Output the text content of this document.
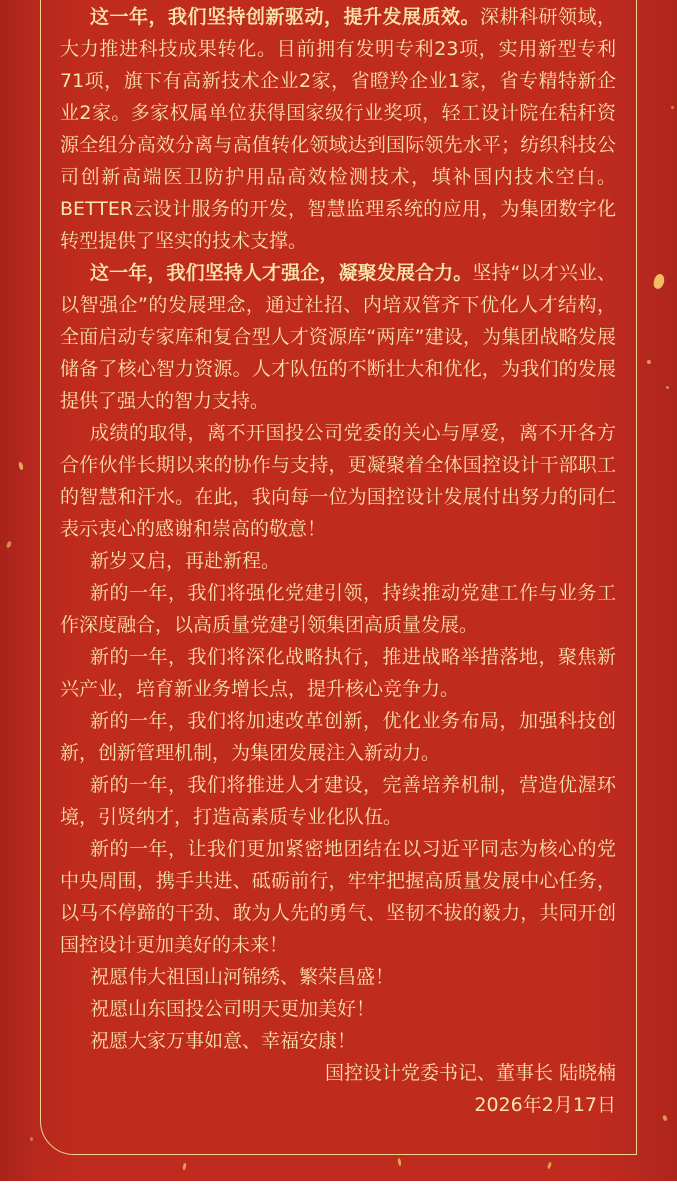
这一年，我们坚持创新驱动，提升发展质效。深耕科研领域，大力推进科技成果转化。目前拥有发明专利23项，实用新型专利71项，旗下有高新技术企业2家，省瞪羚企业1家，省专精特新企业2家。多家权属单位获得国家级行业奖项，轻工设计院在秸秆资源全组分高效分离与高值转化领域达到国际领先水平；纺织科技公司创新高端医卫防护用品高效检测技术，填补国内技术空白。BETTER云设计服务的开发，智慧监理系统的应用，为集团数字化转型提供了坚实的技术支撑。

这一年，我们坚持人才强企，凝聚发展合力。坚持“以才兴业、以智强企”的发展理念，通过社招、内培双管齐下优化人才结构，全面启动专家库和复合型人才资源库“两库”建设，为集团战略发展储备了核心智力资源。人才队伍的不断壮大和优化，为我们的发展提供了强大的智力支持。

成绩的取得，离不开国投公司党委的关心与厚爱，离不开各方合作伙伴长期以来的协作与支持，更凝聚着全体国控设计干部职工的智慧和汗水。在此，我向每一位为国控设计发展付出努力的同仁表示衷心的感谢和崇高的敬意！

新岁又启，再赴新程。

新的一年，我们将强化党建引领，持续推动党建工作与业务工作深度融合，以高质量党建引领集团高质量发展。

新的一年，我们将深化战略执行，推进战略举措落地，聚焦新兴产业，培育新业务增长点，提升核心竞争力。

新的一年，我们将加速改革创新，优化业务布局，加强科技创新，创新管理机制，为集团发展注入新动力。

新的一年，我们将推进人才建设，完善培养机制，营造优渥环境，引贤纳才，打造高素质专业化队伍。

新的一年，让我们更加紧密地团结在以习近平同志为核心的党中央周围，携手共进、砥砺前行，牢牢把握高质量发展中心任务，以马不停蹄的干劲、敢为人先的勇气、坚韧不拔的毅力，共同开创国控设计更加美好的未来！

祝愿伟大祖国山河锦绣、繁荣昌盛！

祝愿山东国投公司明天更加美好！

祝愿大家万事如意、幸福安康！

国控设计党委书记、董事长 陆晓楠

2026年2月17日
